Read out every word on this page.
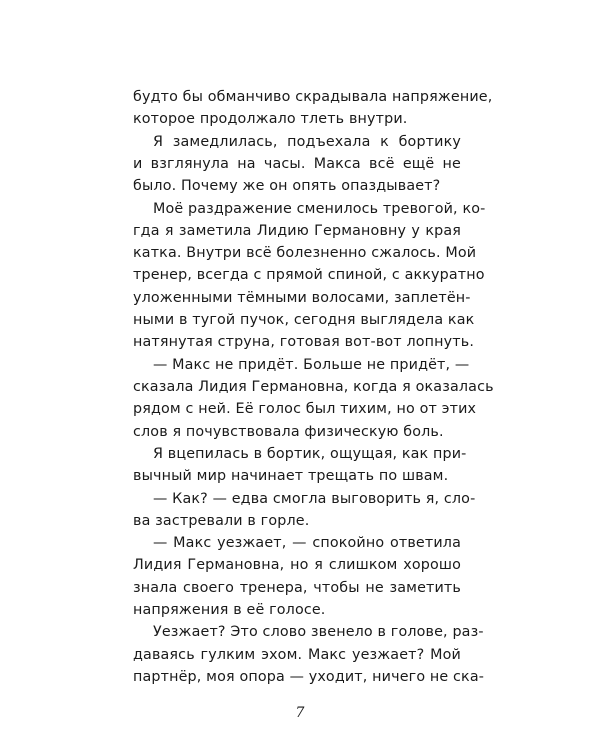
будто бы обманчиво скрадывала напряжение,
которое продолжало тлеть внутри.
Я замедлилась, подъехала к бортику
и взглянула на часы. Макса всё ещё не
было. Почему же он опять опаздывает?
Моё раздражение сменилось тревогой, ко-
гда я заметила Лидию Германовну у края
катка. Внутри всё болезненно сжалось. Мой
тренер, всегда с прямой спиной, с аккуратно
уложенными тёмными волосами, заплетён-
ными в тугой пучок, сегодня выглядела как
натянутая струна, готовая вот-вот лопнуть.
— Макс не придёт. Больше не придёт, —
сказала Лидия Германовна, когда я оказалась
рядом с ней. Её голос был тихим, но от этих
слов я почувствовала физическую боль.
Я вцепилась в бортик, ощущая, как при-
вычный мир начинает трещать по швам.
— Как? — едва смогла выговорить я, сло-
ва застревали в горле.
— Макс уезжает, — спокойно ответила
Лидия Германовна, но я слишком хорошо
знала своего тренера, чтобы не заметить
напряжения в её голосе.
Уезжает? Это слово звенело в голове, раз-
даваясь гулким эхом. Макс уезжает? Мой
партнёр, моя опора — уходит, ничего не ска-
7
